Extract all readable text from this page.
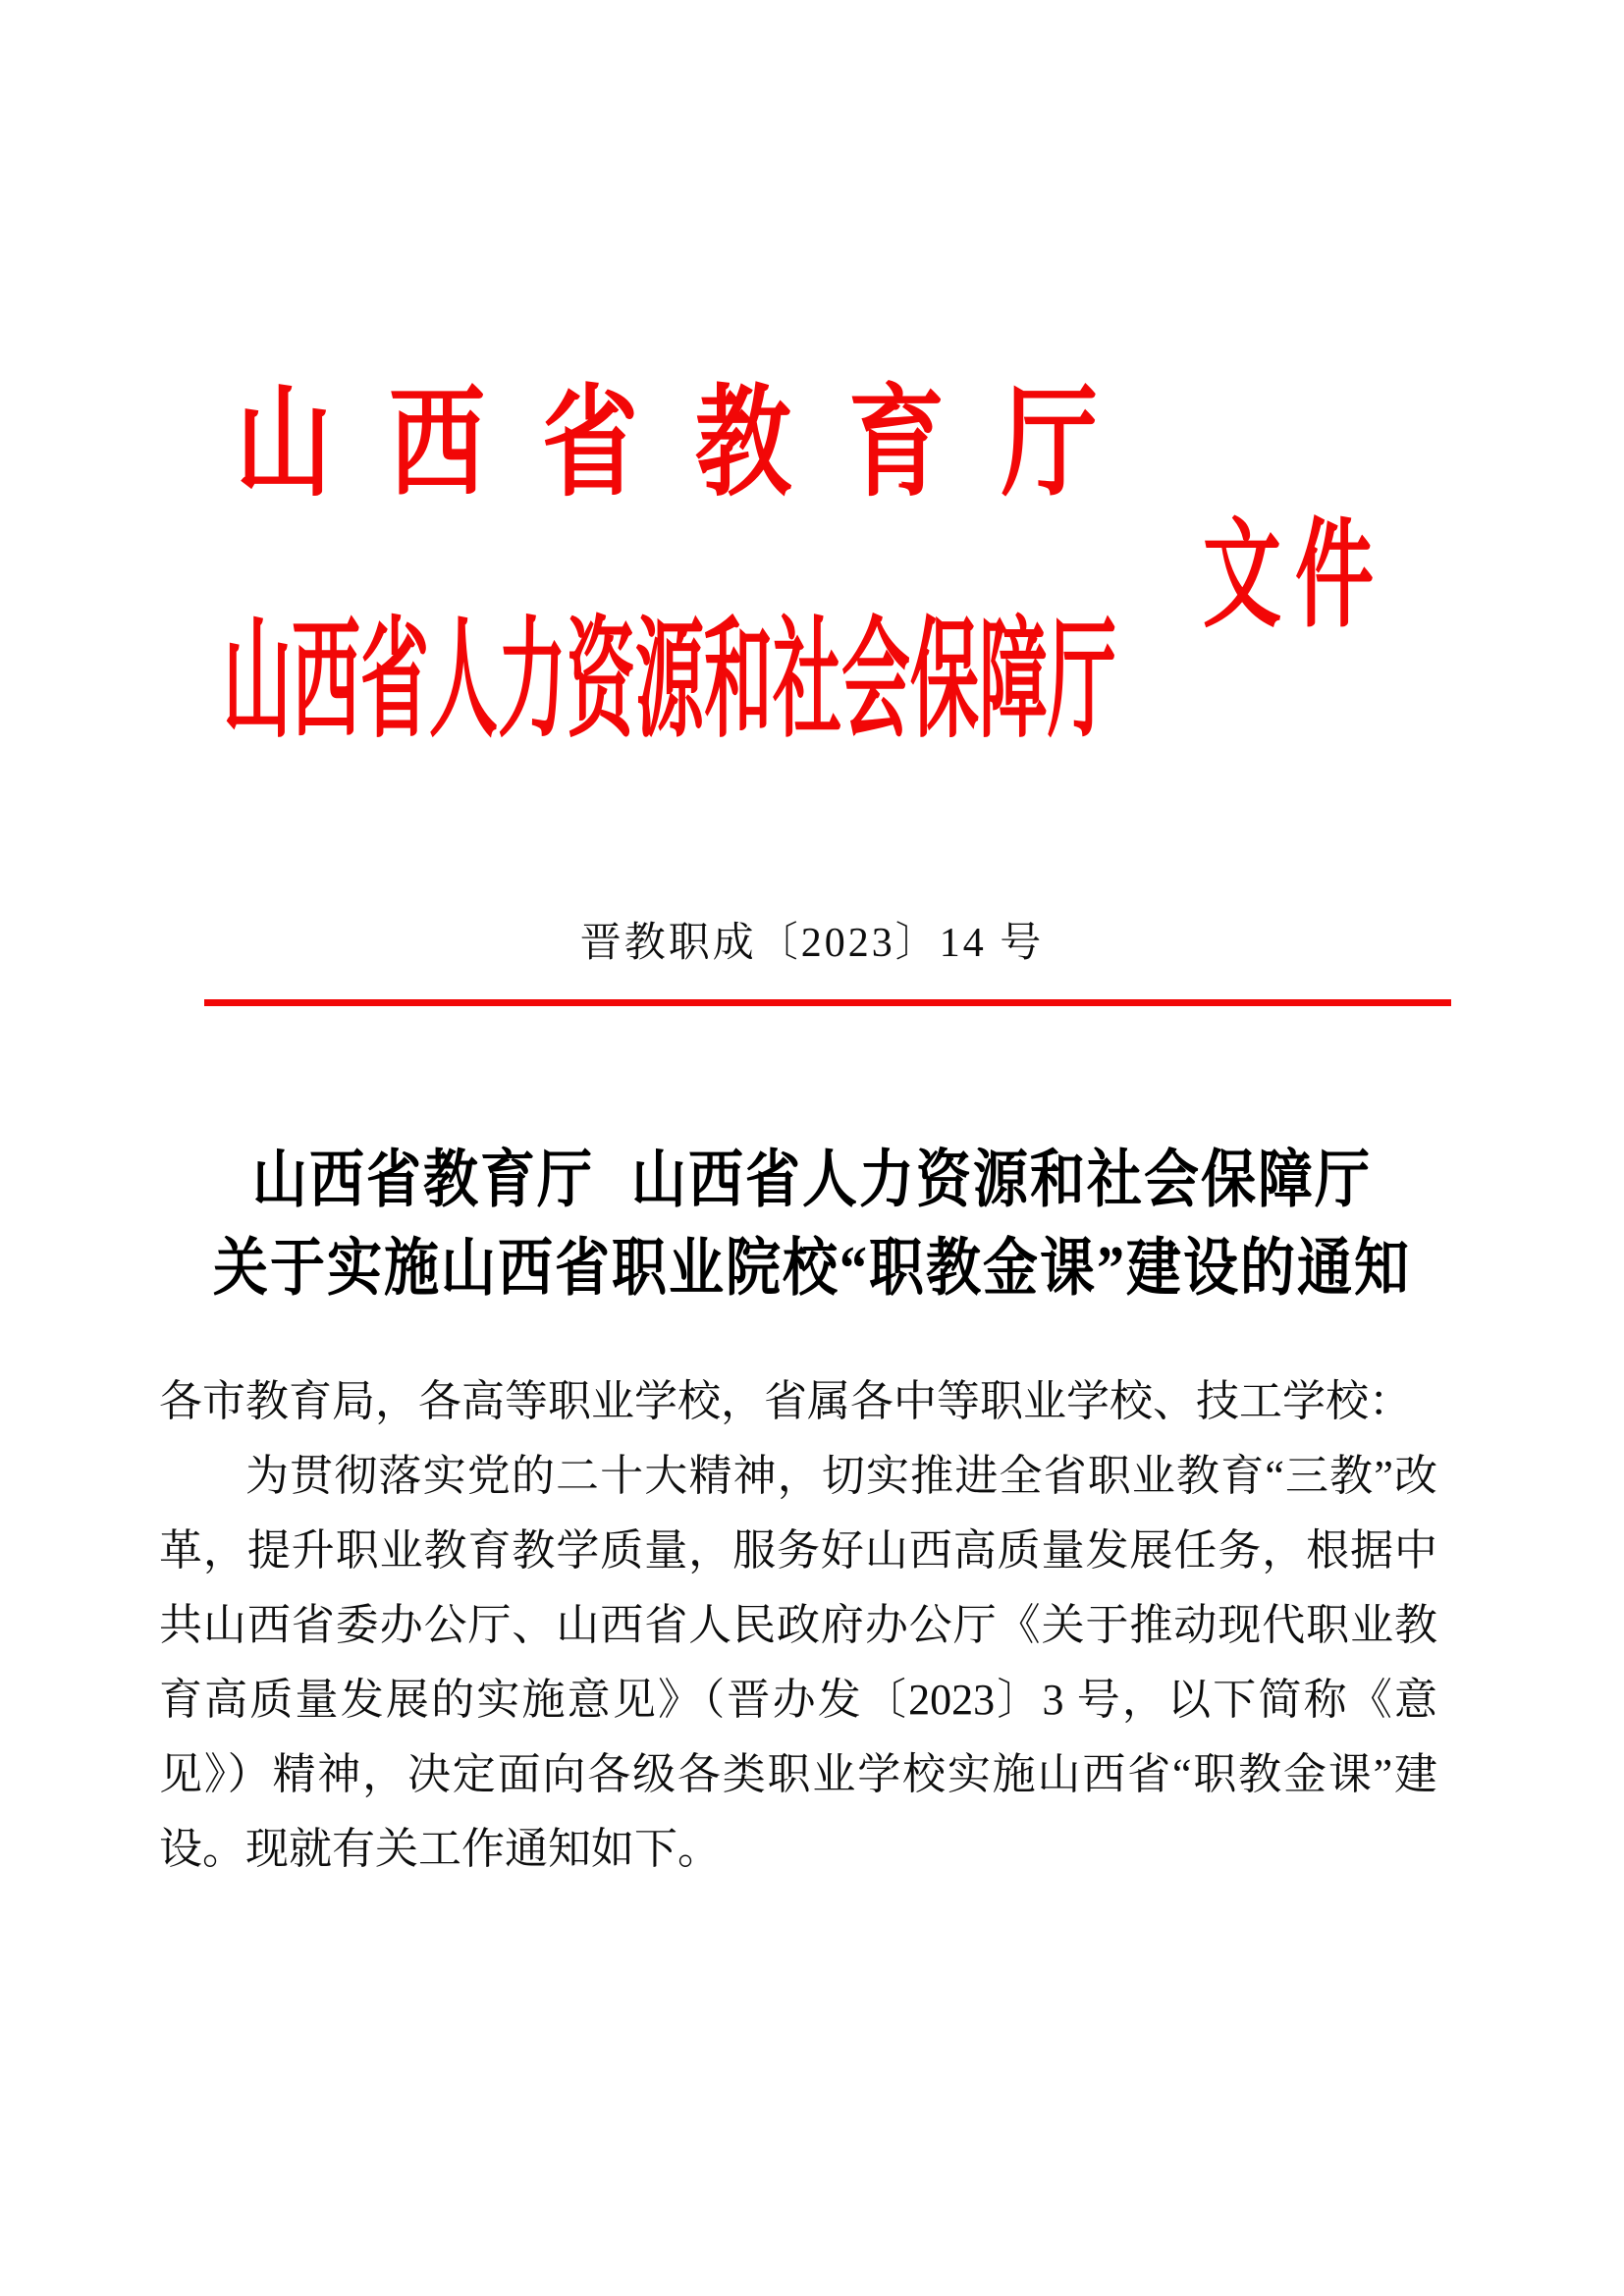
山西省教育厅
文件
山西省人力资源和社会保障厅
晋教职成〔2023〕14 号
山西省教育厅 山西省人力资源和社会保障厅
关于实施山西省职业院校“职教金课”建设的通知

各市教育局，各高等职业学校，省属各中等职业学校、技工学校：

为贯彻落实党的二十大精神，切实推进全省职业教育“三教”改革，提升职业教育教学质量，服务好山西高质量发展任务，根据中共山西省委办公厅、山西省人民政府办公厅《关于推动现代职业教育高质量发展的实施意见》（晋办发〔2023〕3 号，以下简称《意见》）精神，决定面向各级各类职业学校实施山西省“职教金课”建设。现就有关工作通知如下。
